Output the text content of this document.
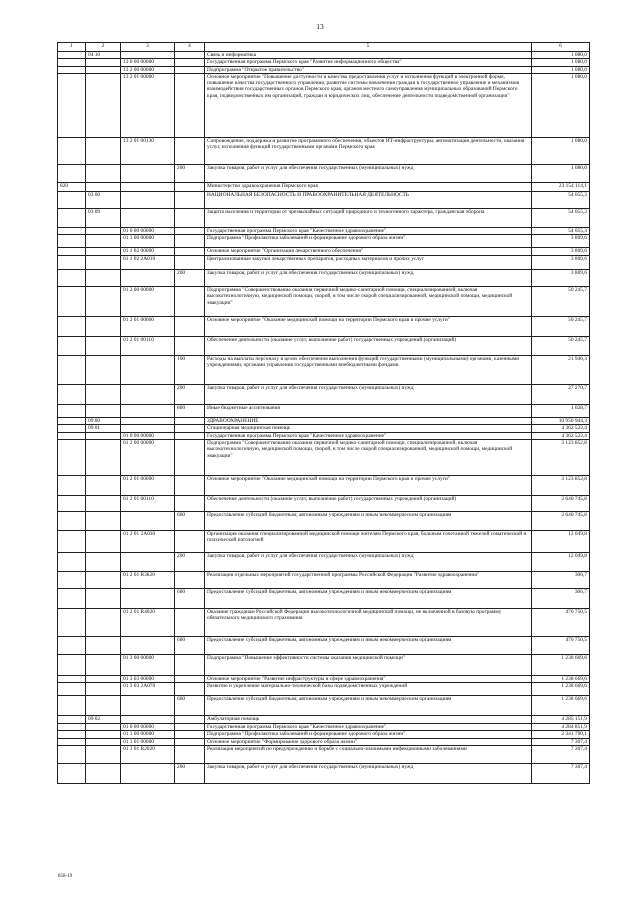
13
1	2	3	4	5	6
	04 10			Связь и информатика	1 080,0
		13 0 00 00000		Государственная программа Пермского края "Развитие информационного общества"	1 080,0
		13 2 00 00000		Подпрограмма "Открытое правительство"	1 080,0
		13 2 01 00000		Основное мероприятие "Повышение доступности и качества предоставления услуг и исполнения функций в электронной форме, повышение качества государственного управления, развитие системы вовлечения граждан в государственное управление и механизмов взаимодействия государственных органов Пермского края, органов местного самоуправления муниципальных образований Пермского края, подведомственных им организаций, граждан и юридических лиц, обеспечение деятельности подведомственной организации"	1 080,0
		13 2 01 00130		Сопровождение, поддержка и развитие программного обеспечения, объектов ИТ-инфраструктуры, автоматизация деятельности, оказания услуг, исполнения функций государственными органами Пермского края	1 080,0
			200	Закупка товаров, работ и услуг для обеспечения государственных (муниципальных) нужд	1 080,0
820				Министерство здравоохранения Пермского края	23 154 114,1
	03 00			НАЦИОНАЛЬНАЯ БЕЗОПАСНОСТЬ И ПРАВООХРАНИТЕЛЬНАЯ ДЕЯТЕЛЬНОСТЬ	54 055,3
	03 09			Защита населения и территории от чрезвычайных ситуаций природного и техногенного характера, гражданская оборона	54 055,3
		01 0 00 00000		Государственная программа Пермского края "Качественное здравоохранение"	54 055,3
		01 1 00 00000		Подпрограмма "Профилактика заболеваний и формирование здорового образа жизни"	3 809,6
		01 1 02 00000		Основное мероприятие "Организация лекарственного обеспечения"	3 809,6
		01 1 02 2А010		Централизованные закупки лекарственных препаратов, расходных материалов и прочих услуг	3 809,6
			200	Закупка товаров, работ и услуг для обеспечения государственных (муниципальных) нужд	3 809,6
		01 2 00 00000		Подпрограмма "Совершенствование оказания первичной медико-санитарной помощи, специализированной, включая высокотехнологичную, медицинской помощи, скорой, в том числе скорой специализированной, медицинской помощи, медицинской эвакуации"	50 245,7
		01 2 01 00000		Основное мероприятие "Оказание медицинской помощи на территории Пермского края и прочие услуги"	50 245,7
		01 2 01 00110		Обеспечение деятельности (оказание услуг, выполнение работ) государственных учреждений (организаций)	50 245,7
			100	Расходы на выплаты персоналу в целях обеспечения выполнения функций государственными (муниципальными) органами, казенными учреждениями, органами управления государственными внебюджетными фондами	21 946,3
			200	Закупка товаров, работ и услуг для обеспечения государственных (муниципальных) нужд	27 270,7
			800	Иные бюджетные ассигнования	1 028,7
	09 00			ЗДРАВООХРАНЕНИЕ	10 950 944,3
	09 01			Стационарная медицинская помощь	4 362 522,4
		01 0 00 00000		Государственная программа Пермского края "Качественное здравоохранение"	4 362 522,4
		01 2 00 00000		Подпрограмма "Совершенствование оказания первичной медико-санитарной помощи, специализированной, включая высокотехнологичную, медицинской помощи, скорой, в том числе скорой специализированной, медицинской помощи, медицинской эвакуации"	3 123 852,8
		01 2 01 00000		Основное мероприятие "Оказание медицинской помощи на территории Пермского края и прочие услуги"	3 123 852,8
		01 2 01 00110		Обеспечение деятельности (оказание услуг, выполнение работ) государственных учреждений (организаций)	2 640 745,8
			600	Предоставление субсидий бюджетным, автономным учреждениям и иным некоммерческим организациям	2 640 745,8
		01 2 01 2А030		Организация оказания специализированной медицинской помощи жителям Пермского края, больным сочетанной тяжелой соматической и психической патологией	12 049,8
			200	Закупка товаров, работ и услуг для обеспечения государственных (муниципальных) нужд	12 049,8
		01 2 01 R3820		Реализация отдельных мероприятий государственной программы Российской Федерации "Развитие здравоохранения"	306,7
			600	Предоставление субсидий бюджетным, автономным учреждениям и иным некоммерческим организациям	306,7
		01 2 01 R4020		Оказание гражданам Российской Федерации высокотехнологичной медицинской помощи, не включенной в базовую программу обязательного медицинского страхования	470 750,5
			600	Предоставление субсидий бюджетным, автономным учреждениям и иным некоммерческим организациям	470 750,5
		01 3 00 00000		Подпрограмма "Повышение эффективности системы оказания медицинской помощи"	1 238 669,6
		01 3 03 00000		Основное мероприятие "Развитие инфраструктуры в сфере здравоохранения"	1 238 669,6
		01 3 03 2А070		Развитие и укрепление материально-технической базы подведомственных учреждений	1 238 669,6
			600	Предоставление субсидий бюджетным, автономным учреждениям и иным некоммерческим организациям	1 238 669,6
	09 02			Амбулаторная помощь	4 285 151,9
		01 0 00 00000		Государственная программа Пермского края "Качественное здравоохранение"	4 284 851,9
		01 1 00 00000		Подпрограмма "Профилактика заболеваний и формирование здорового образа жизни"	2 341 790,1
		01 1 01 00000		Основное мероприятие "Формирование здорового образа жизни"	7 307,4
		01 1 01 R2020		Реализация мероприятий по предупреждению и борьбе с социально-значимыми инфекционными заболеваниями	7 307,4
			200	Закупка товаров, работ и услуг для обеспечения государственных (муниципальных) нужд	7 307,4
858-19
